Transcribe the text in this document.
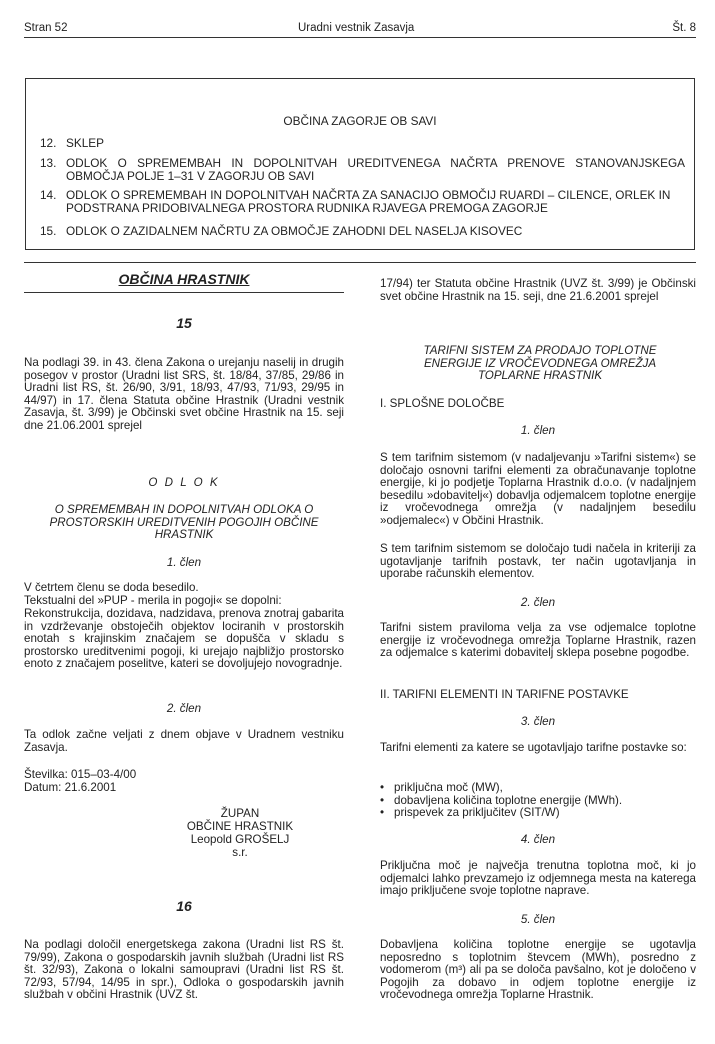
Stran 52	Uradni vestnik Zasavja	Št. 8
OBČINA ZAGORJE OB SAVI
12. SKLEP
13. ODLOK O SPREMEMBAH IN DOPOLNITVAH UREDITVENEGA NAČRTA PRENOVE STANOVANJSKEGA OBMOČJA POLJE 1–31 V ZAGORJU OB SAVI
14. ODLOK O SPREMEMBAH IN DOPOLNITVAH NAČRTA ZA SANACIJO OBMOČIJ RUARDI – CILENCE, ORLEK IN PODSTRANA PRIDOBIVALNEGA PROSTORA RUDNIKA RJAVEGA PREMOGA ZAGORJE
15. ODLOK O ZAZIDALNEM NAČRTU ZA OBMOČJE ZAHODNI DEL NASELJA KISOVEC
OBČINA HRASTNIK
15
Na podlagi 39. in 43. člena Zakona o urejanju naselij in drugih posegov v prostor (Uradni list SRS, št. 18/84, 37/85, 29/86 in Uradni list RS, št. 26/90, 3/91, 18/93, 47/93, 71/93, 29/95 in 44/97) in 17. člena Statuta občine Hrastnik (Uradni vestnik Zasavja, št. 3/99) je Občinski svet občine Hrastnik na 15. seji dne 21.06.2001 sprejel
O D L O K
O SPREMEMBAH IN DOPOLNITVAH ODLOKA O PROSTORSKIH UREDITVENIH POGOJIH OBČINE HRASTNIK
1. člen
V četrtem členu se doda besedilo.
Tekstualni del »PUP - merila in pogoji« se dopolni:
Rekonstrukcija, dozidava, nadzidava, prenova znotraj gabarita in vzdrževanje obstoječih objektov lociranih v prostorskih enotah s krajinskim značajem se dopušča v skladu s prostorsko ureditvenimi pogoji, ki urejajo najbližjo prostorsko enoto z značajem poselitve, kateri se dovoljujejo novogradnje.
2. člen
Ta odlok začne veljati z dnem objave v Uradnem vestniku Zasavja.
Številka: 015–03-4/00
Datum: 21.6.2001
ŽUPAN
OBČINE HRASTNIK
Leopold GROŠELJ
s.r.
16
Na podlagi določil energetskega zakona (Uradni list RS št. 79/99), Zakona o gospodarskih javnih službah (Uradni list RS št. 32/93), Zakona o lokalni samoupravi (Uradni list RS št. 72/93, 57/94, 14/95 in spr.), Odloka o gospodarskih javnih službah v občini Hrastnik (UVZ št.
17/94) ter Statuta občine Hrastnik (UVZ št. 3/99) je Občinski svet občine Hrastnik na 15. seji, dne 21.6.2001 sprejel
TARIFNI SISTEM ZA PRODAJO TOPLOTNE ENERGIJE IZ VROČEVODNEGA OMREŽJA TOPLARNE HRASTNIK
I. SPLOŠNE DOLOČBE
1. člen
S tem tarifnim sistemom (v nadaljevanju »Tarifni sistem«) se določajo osnovni tarifni elementi za obračunavanje toplotne energije, ki jo podjetje Toplarna Hrastnik d.o.o. (v nadaljnjem besedilu »dobavitelj«) dobavlja odjemalcem toplotne energije iz vročevodnega omrežja (v nadaljnjem besedilu »odjemalec«) v Občini Hrastnik.
S tem tarifnim sistemom se določajo tudi načela in kriteriji za ugotavljanje tarifnih postavk, ter način ugotavljanja in uporabe računskih elementov.
2. člen
Tarifni sistem praviloma velja za vse odjemalce toplotne energije iz vročevodnega omrežja Toplarne Hrastnik, razen za odjemalce s katerimi dobavitelj sklepa posebne pogodbe.
II. TARIFNI ELEMENTI IN TARIFNE POSTAVKE
3. člen
Tarifni elementi za katere se ugotavljajo tarifne postavke so:
• priključna moč (MW),
• dobavljena količina toplotne energije (MWh).
• prispevek za priključitev (SIT/W)
4. člen
Priključna moč je največja trenutna toplotna moč, ki jo odjemalci lahko prevzamejo iz odjemnega mesta na katerega imajo priključene svoje toplotne naprave.
5. člen
Dobavljena količina toplotne energije se ugotavlja neposredno s toplotnim števcem (MWh), posredno z vodomerom (m³) ali pa se določa pavšalno, kot je določeno v Pogojih za dobavo in odjem toplotne energije iz vročevodnega omrežja Toplarne Hrastnik.
